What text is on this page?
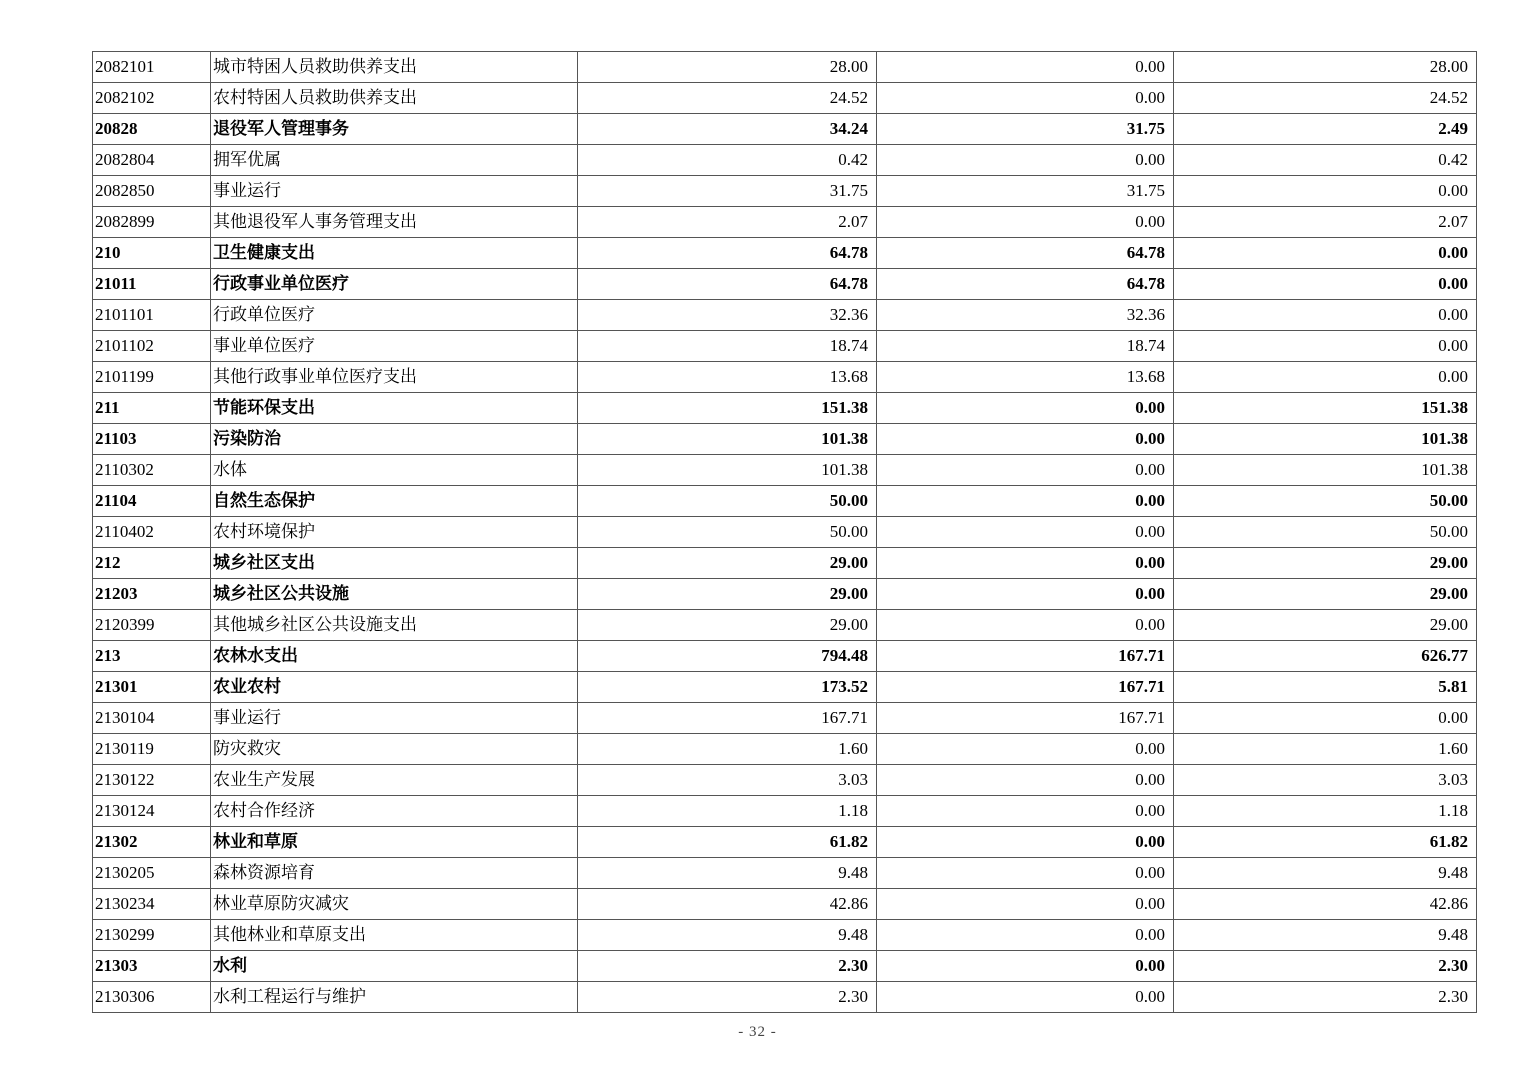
2082101	城市特困人员救助供养支出	28.00	0.00	28.00
2082102	农村特困人员救助供养支出	24.52	0.00	24.52
20828	退役军人管理事务	34.24	31.75	2.49
2082804	拥军优属	0.42	0.00	0.42
2082850	事业运行	31.75	31.75	0.00
2082899	其他退役军人事务管理支出	2.07	0.00	2.07
210	卫生健康支出	64.78	64.78	0.00
21011	行政事业单位医疗	64.78	64.78	0.00
2101101	行政单位医疗	32.36	32.36	0.00
2101102	事业单位医疗	18.74	18.74	0.00
2101199	其他行政事业单位医疗支出	13.68	13.68	0.00
211	节能环保支出	151.38	0.00	151.38
21103	污染防治	101.38	0.00	101.38
2110302	水体	101.38	0.00	101.38
21104	自然生态保护	50.00	0.00	50.00
2110402	农村环境保护	50.00	0.00	50.00
212	城乡社区支出	29.00	0.00	29.00
21203	城乡社区公共设施	29.00	0.00	29.00
2120399	其他城乡社区公共设施支出	29.00	0.00	29.00
213	农林水支出	794.48	167.71	626.77
21301	农业农村	173.52	167.71	5.81
2130104	事业运行	167.71	167.71	0.00
2130119	防灾救灾	1.60	0.00	1.60
2130122	农业生产发展	3.03	0.00	3.03
2130124	农村合作经济	1.18	0.00	1.18
21302	林业和草原	61.82	0.00	61.82
2130205	森林资源培育	9.48	0.00	9.48
2130234	林业草原防灾减灾	42.86	0.00	42.86
2130299	其他林业和草原支出	9.48	0.00	9.48
21303	水利	2.30	0.00	2.30
2130306	水利工程运行与维护	2.30	0.00	2.30
- 32 -
